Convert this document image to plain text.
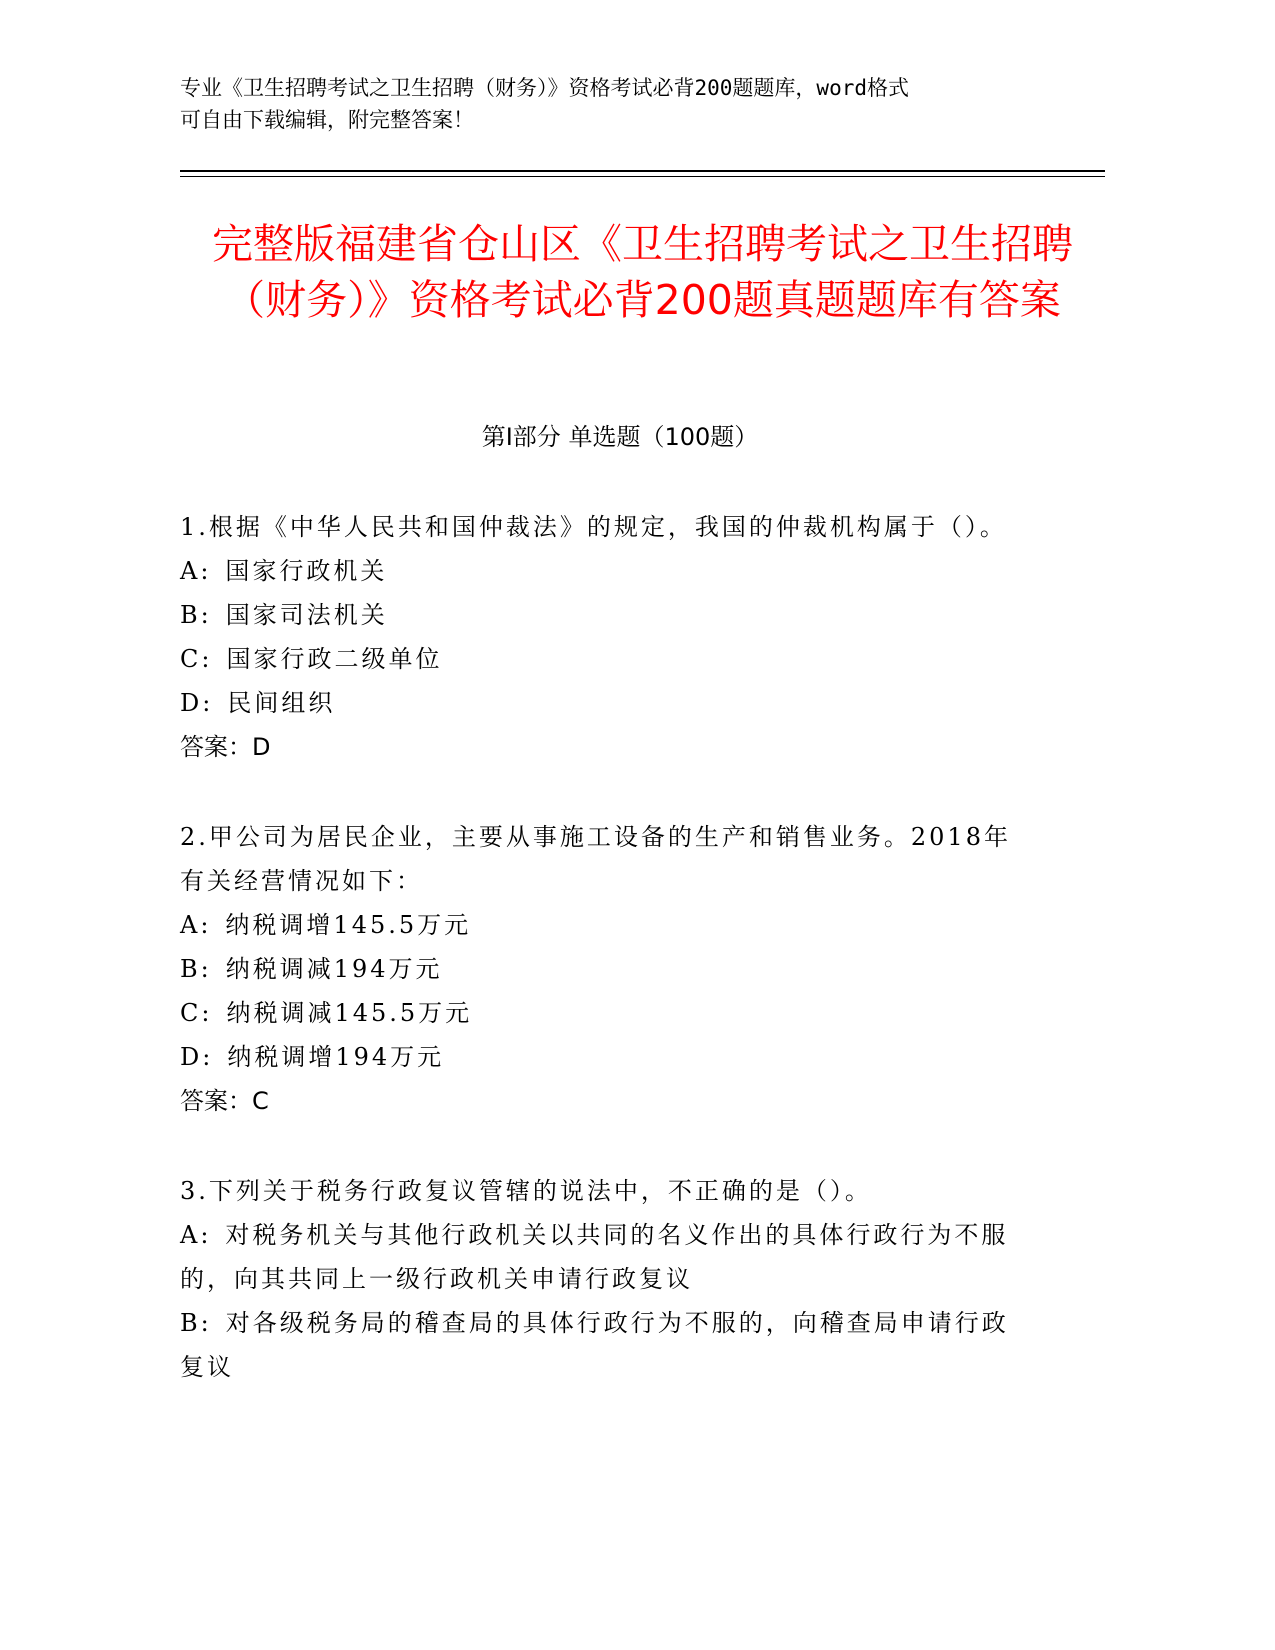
专业《卫生招聘考试之卫生招聘（财务）》资格考试必背200题题库，word格式

可自由下载编辑，附完整答案！

完整版福建省仓山区《卫生招聘考试之卫生招聘（财务）》资格考试必背200题真题题库有答案
第Ⅰ部分 单选题（100题）

1.根据《中华人民共和国仲裁法》的规定，我国的仲裁机构属于（）。

A: 国家行政机关

B: 国家司法机关

C: 国家行政二级单位

D: 民间组织

答案：D

2.甲公司为居民企业，主要从事施工设备的生产和销售业务。2018年有关经营情况如下：

A: 纳税调增145.5万元

B: 纳税调减194万元

C: 纳税调减145.5万元

D: 纳税调增194万元

答案：C

3.下列关于税务行政复议管辖的说法中，不正确的是（）。

A: 对税务机关与其他行政机关以共同的名义作出的具体行政行为不服的，向其共同上一级行政机关申请行政复议

B: 对各级税务局的稽查局的具体行政行为不服的，向稽查局申请行政复议
